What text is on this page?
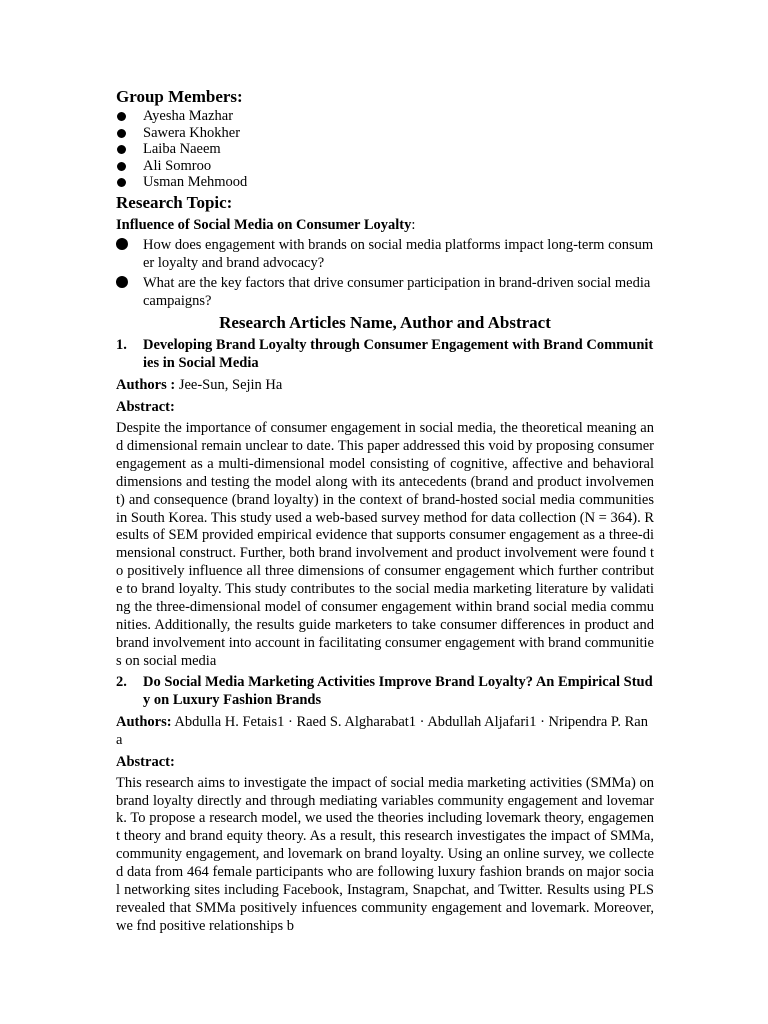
Group Members:
Ayesha Mazhar
Sawera Khokher
Laiba Naeem
Ali Somroo
Usman Mehmood
Research Topic:

Influence of Social Media on Consumer Loyalty:

How does engagement with brands on social media platforms impact long-term consumer loyalty and brand advocacy?
What are the key factors that drive consumer participation in brand-driven social media campaigns?
Research Articles Name, Author and Abstract

1. Developing Brand Loyalty through Consumer Engagement with Brand Communities in Social Media

Authors : Jee-Sun, Sejin Ha

Abstract:

Despite the importance of consumer engagement in social media, the theoretical meaning and dimensional remain unclear to date. This paper addressed this void by proposing consumer engagement as a multi-dimensional model consisting of cognitive, affective and behavioral dimensions and testing the model along with its antecedents (brand and product involvement) and consequence (brand loyalty) in the context of brand-hosted social media communities in South Korea. This study used a web-based survey method for data collection (N = 364). Results of SEM provided empirical evidence that supports consumer engagement as a three-dimensional construct. Further, both brand involvement and product involvement were found to positively influence all three dimensions of consumer engagement which further contribute to brand loyalty. This study contributes to the social media marketing literature by validating the three-dimensional model of consumer engagement within brand social media communities. Additionally, the results guide marketers to take consumer differences in product and brand involvement into account in facilitating consumer engagement with brand communities on social media

2. Do Social Media Marketing Activities Improve Brand Loyalty? An Empirical Study on Luxury Fashion Brands

Authors: Abdulla H. Fetais1 · Raed S. Algharabat1 · Abdullah Aljafari1 · Nripendra P. Rana

Abstract:

This research aims to investigate the impact of social media marketing activities (SMMa) on brand loyalty directly and through mediating variables community engagement and lovemark. To propose a research model, we used the theories including lovemark theory, engagement theory and brand equity theory. As a result, this research investigates the impact of SMMa, community engagement, and lovemark on brand loyalty. Using an online survey, we collected data from 464 female participants who are following luxury fashion brands on major social networking sites including Facebook, Instagram, Snapchat, and Twitter. Results using PLS revealed that SMMa positively infuences community engagement and lovemark. Moreover, we fnd positive relationships b
